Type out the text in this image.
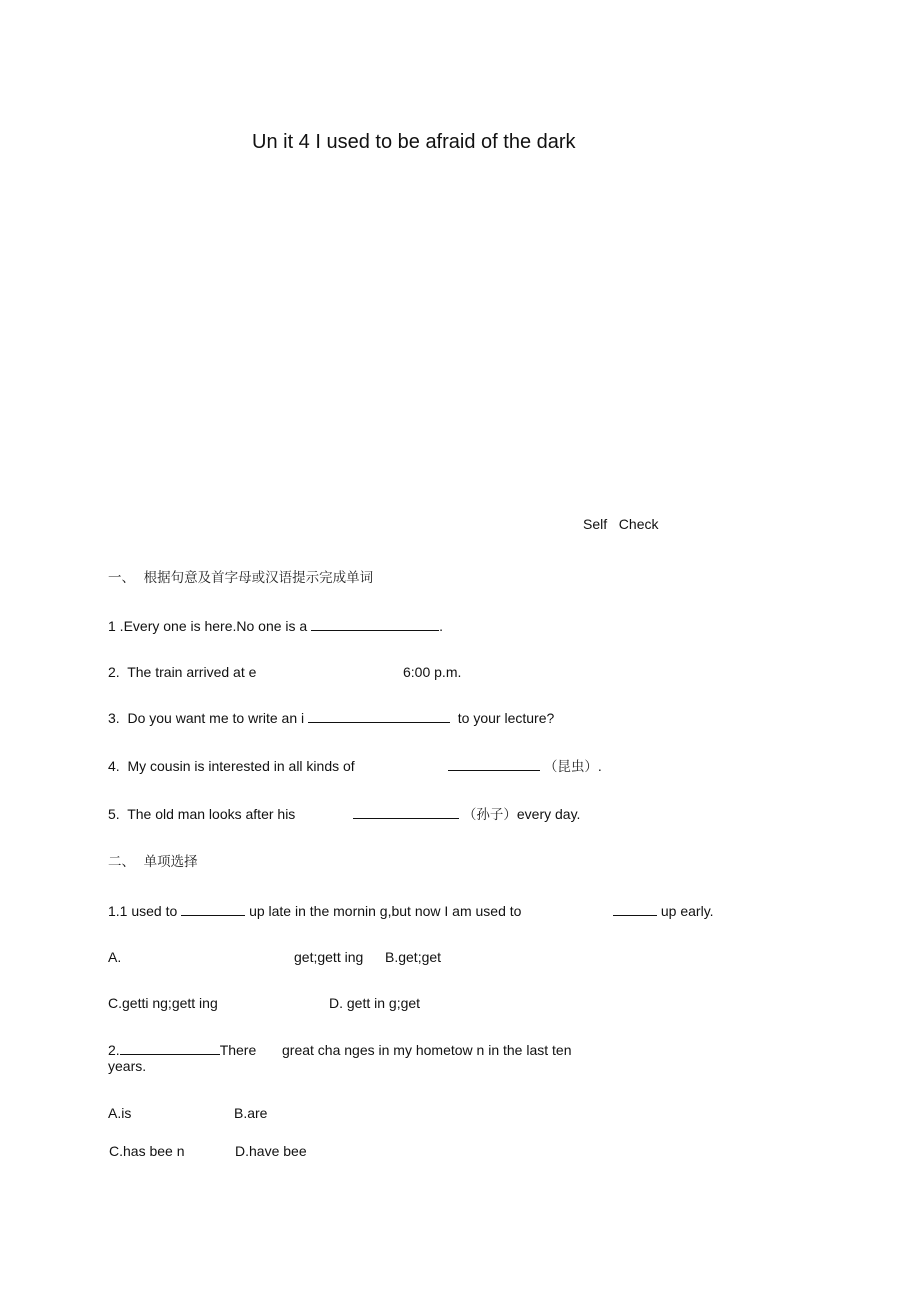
Un it 4 I used to be afraid of the dark
Self Check
一、 根据句意及首字母或汉语提示完成单词
1 .Every one is here.No one is a	.
2. The train arrived at e	6:00 p.m.
3. Do you want me to write an i	to your lecture?
4. My cousin is interested in all kinds of	（昆虫）.
5. The old man looks after his	（孙子）every day.
二、 单项选择
1.1 used to	up late in the mornin g,but now I am used to	up early.
A.	get;gett ing B.get;get
C.getti ng;gett ing	D. gett in g;get
2.	There great cha nges in my hometow n in the last ten
years.
A.is	B.are
C.has bee n	D.have bee
